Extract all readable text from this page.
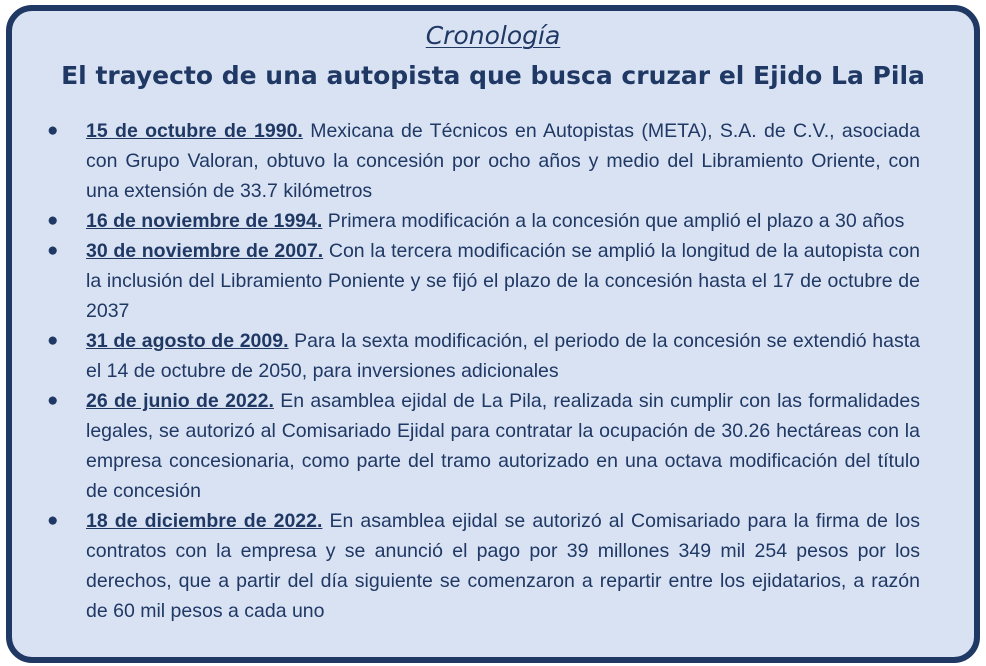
Cronología
El trayecto de una autopista que busca cruzar el Ejido La Pila
● 15 de octubre de 1990. Mexicana de Técnicos en Autopistas (META), S.A. de C.V., asociada con Grupo Valoran, obtuvo la concesión por ocho años y medio del Libramiento Oriente, con una extensión de 33.7 kilómetros
● 16 de noviembre de 1994. Primera modificación a la concesión que amplió el plazo a 30 años
● 30 de noviembre de 2007. Con la tercera modificación se amplió la longitud de la autopista con la inclusión del Libramiento Poniente y se fijó el plazo de la concesión hasta el 17 de octubre de 2037
● 31 de agosto de 2009. Para la sexta modificación, el periodo de la concesión se extendió hasta el 14 de octubre de 2050, para inversiones adicionales
● 26 de junio de 2022. En asamblea ejidal de La Pila, realizada sin cumplir con las formalidades legales, se autorizó al Comisariado Ejidal para contratar la ocupación de 30.26 hectáreas con la empresa concesionaria, como parte del tramo autorizado en una octava modificación del título de concesión
● 18 de diciembre de 2022. En asamblea ejidal se autorizó al Comisariado para la firma de los contratos con la empresa y se anunció el pago por 39 millones 349 mil 254 pesos por los derechos, que a partir del día siguiente se comenzaron a repartir entre los ejidatarios, a razón de 60 mil pesos a cada uno
